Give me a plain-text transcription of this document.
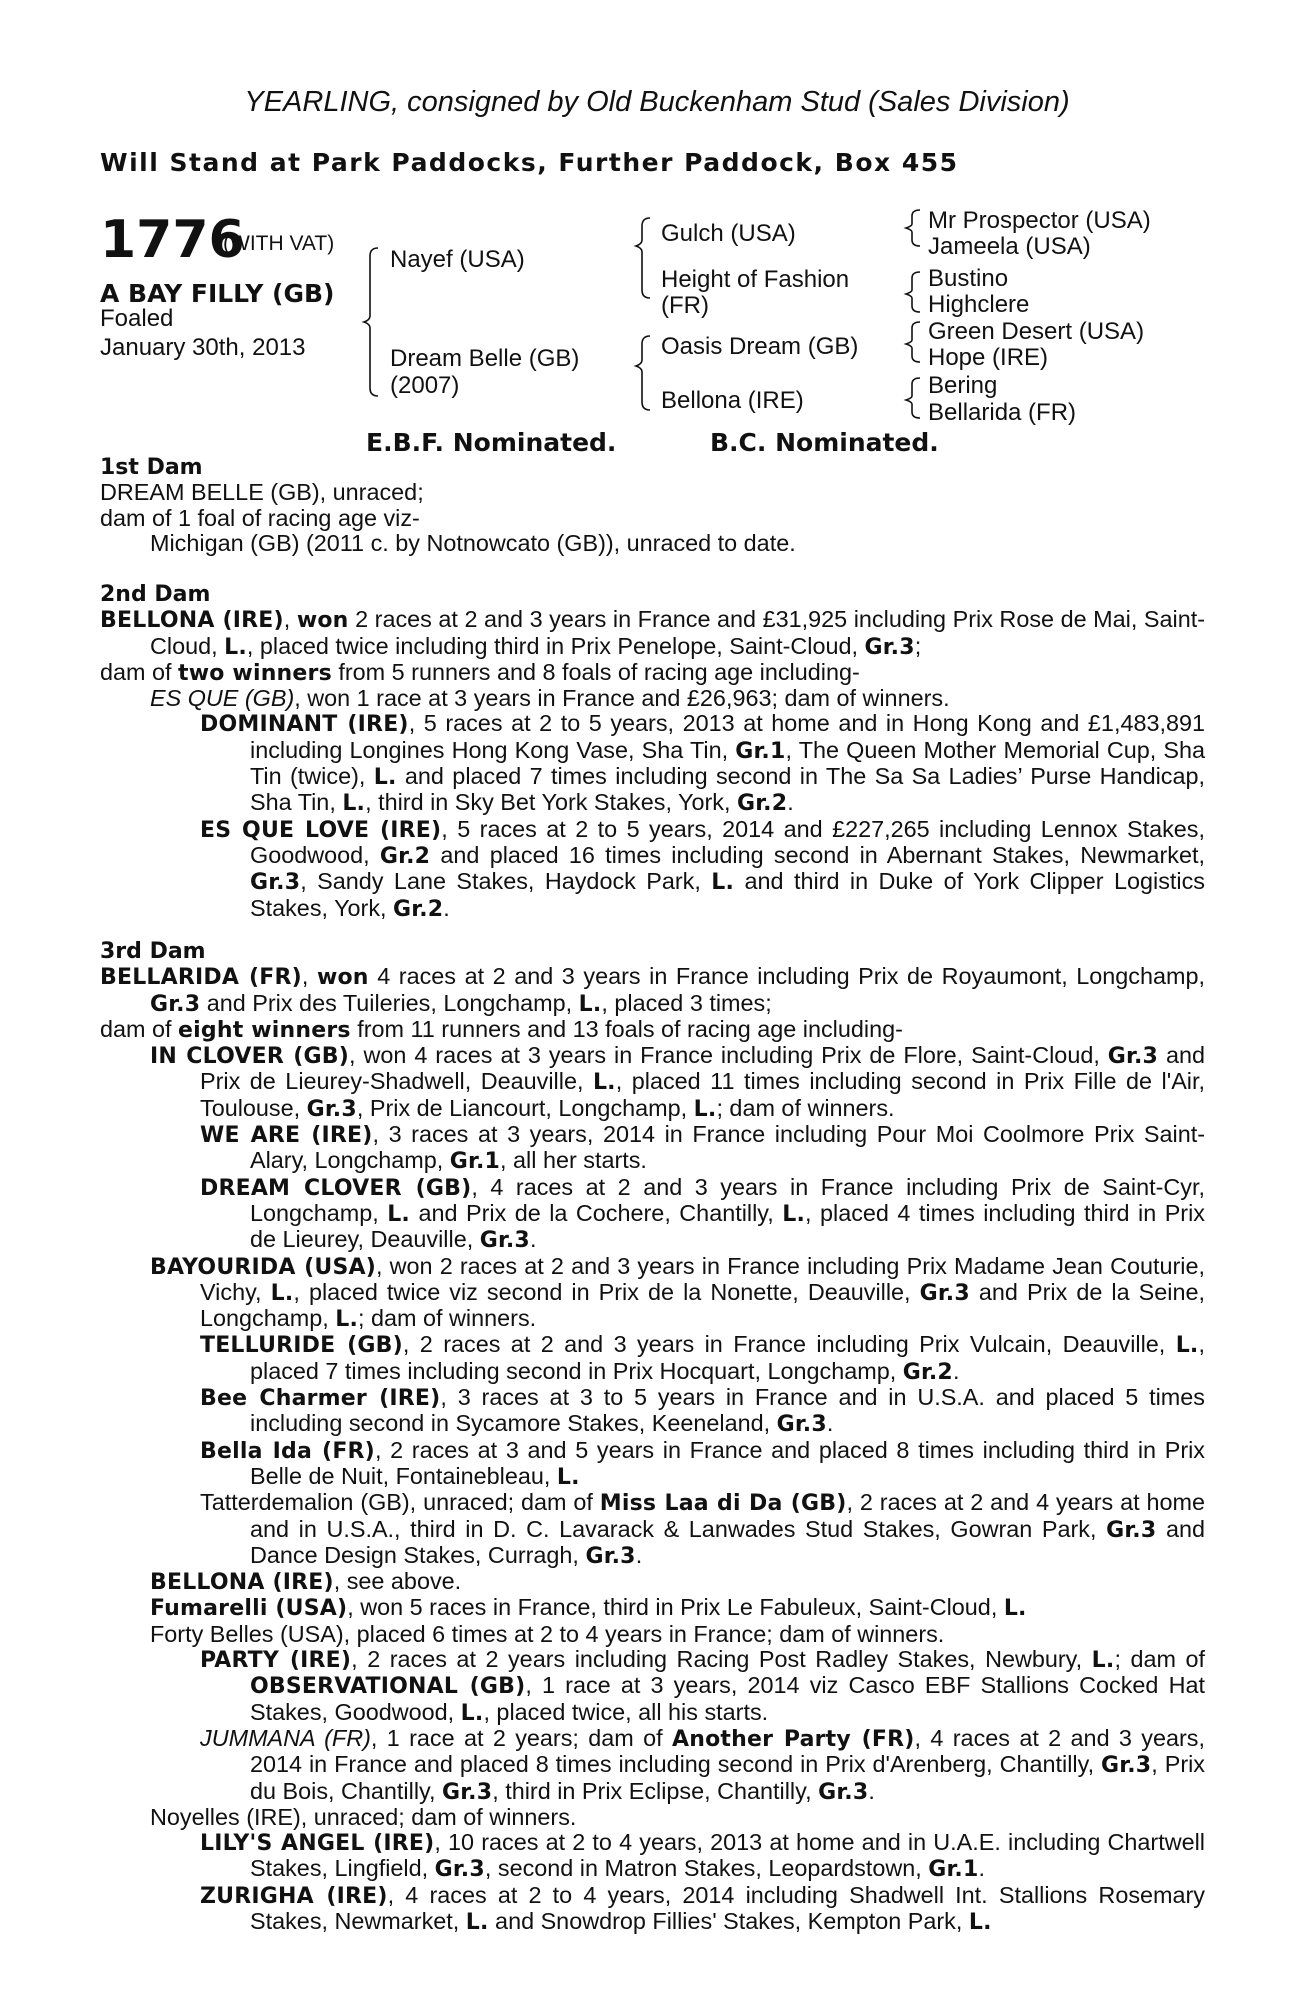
YEARLING, consigned by Old Buckenham Stud (Sales Division)
Will Stand at Park Paddocks, Further Paddock, Box 455
1776
(WITH VAT)
A BAY FILLY (GB)
Foaled
January 30th, 2013
Nayef (USA)
Dream Belle (GB)
(2007)
Gulch (USA)
Height of Fashion
(FR)
Oasis Dream (GB)
Bellona (IRE)
Mr Prospector (USA)
Jameela (USA)
Bustino
Highclere
Green Desert (USA)
Hope (IRE)
Bering
Bellarida (FR)
E.B.F. Nominated.	B.C. Nominated.

1st Dam

DREAM BELLE (GB), unraced;

dam of 1 foal of racing age viz-

Michigan (GB) (2011 c. by Notnowcato (GB)), unraced to date.

2nd Dam

BELLONA (IRE), won 2 races at 2 and 3 years in France and £31,925 including Prix Rose de Mai, Saint-Cloud, L., placed twice including third in Prix Penelope, Saint-Cloud, Gr.3;

dam of two winners from 5 runners and 8 foals of racing age including-

ES QUE (GB), won 1 race at 3 years in France and £26,963; dam of winners.

DOMINANT (IRE), 5 races at 2 to 5 years, 2013 at home and in Hong Kong and £1,483,891 including Longines Hong Kong Vase, Sha Tin, Gr.1, The Queen Mother Memorial Cup, Sha Tin (twice), L. and placed 7 times including second in The Sa Sa Ladies’ Purse Handicap, Sha Tin, L., third in Sky Bet York Stakes, York, Gr.2.

ES QUE LOVE (IRE), 5 races at 2 to 5 years, 2014 and £227,265 including Lennox Stakes, Goodwood, Gr.2 and placed 16 times including second in Abernant Stakes, Newmarket, Gr.3, Sandy Lane Stakes, Haydock Park, L. and third in Duke of York Clipper Logistics Stakes, York, Gr.2.

3rd Dam

BELLARIDA (FR), won 4 races at 2 and 3 years in France including Prix de Royaumont, Longchamp, Gr.3 and Prix des Tuileries, Longchamp, L., placed 3 times;

dam of eight winners from 11 runners and 13 foals of racing age including-

IN CLOVER (GB), won 4 races at 3 years in France including Prix de Flore, Saint-Cloud, Gr.3 and Prix de Lieurey-Shadwell, Deauville, L., placed 11 times including second in Prix Fille de l'Air, Toulouse, Gr.3, Prix de Liancourt, Longchamp, L.; dam of winners.

WE ARE (IRE), 3 races at 3 years, 2014 in France including Pour Moi Coolmore Prix Saint-Alary, Longchamp, Gr.1, all her starts.

DREAM CLOVER (GB), 4 races at 2 and 3 years in France including Prix de Saint-Cyr, Longchamp, L. and Prix de la Cochere, Chantilly, L., placed 4 times including third in Prix de Lieurey, Deauville, Gr.3.

BAYOURIDA (USA), won 2 races at 2 and 3 years in France including Prix Madame Jean Couturie, Vichy, L., placed twice viz second in Prix de la Nonette, Deauville, Gr.3 and Prix de la Seine, Longchamp, L.; dam of winners.

TELLURIDE (GB), 2 races at 2 and 3 years in France including Prix Vulcain, Deauville, L., placed 7 times including second in Prix Hocquart, Longchamp, Gr.2.

Bee Charmer (IRE), 3 races at 3 to 5 years in France and in U.S.A. and placed 5 times including second in Sycamore Stakes, Keeneland, Gr.3.

Bella Ida (FR), 2 races at 3 and 5 years in France and placed 8 times including third in Prix Belle de Nuit, Fontainebleau, L.

Tatterdemalion (GB), unraced; dam of Miss Laa di Da (GB), 2 races at 2 and 4 years at home and in U.S.A., third in D. C. Lavarack & Lanwades Stud Stakes, Gowran Park, Gr.3 and Dance Design Stakes, Curragh, Gr.3.

BELLONA (IRE), see above.

Fumarelli (USA), won 5 races in France, third in Prix Le Fabuleux, Saint-Cloud, L.

Forty Belles (USA), placed 6 times at 2 to 4 years in France; dam of winners.

PARTY (IRE), 2 races at 2 years including Racing Post Radley Stakes, Newbury, L.; dam of OBSERVATIONAL (GB), 1 race at 3 years, 2014 viz Casco EBF Stallions Cocked Hat Stakes, Goodwood, L., placed twice, all his starts.

JUMMANA (FR), 1 race at 2 years; dam of Another Party (FR), 4 races at 2 and 3 years, 2014 in France and placed 8 times including second in Prix d'Arenberg, Chantilly, Gr.3, Prix du Bois, Chantilly, Gr.3, third in Prix Eclipse, Chantilly, Gr.3.

Noyelles (IRE), unraced; dam of winners.

LILY'S ANGEL (IRE), 10 races at 2 to 4 years, 2013 at home and in U.A.E. including Chartwell Stakes, Lingfield, Gr.3, second in Matron Stakes, Leopardstown, Gr.1.

ZURIGHA (IRE), 4 races at 2 to 4 years, 2014 including Shadwell Int. Stallions Rosemary Stakes, Newmarket, L. and Snowdrop Fillies' Stakes, Kempton Park, L.
